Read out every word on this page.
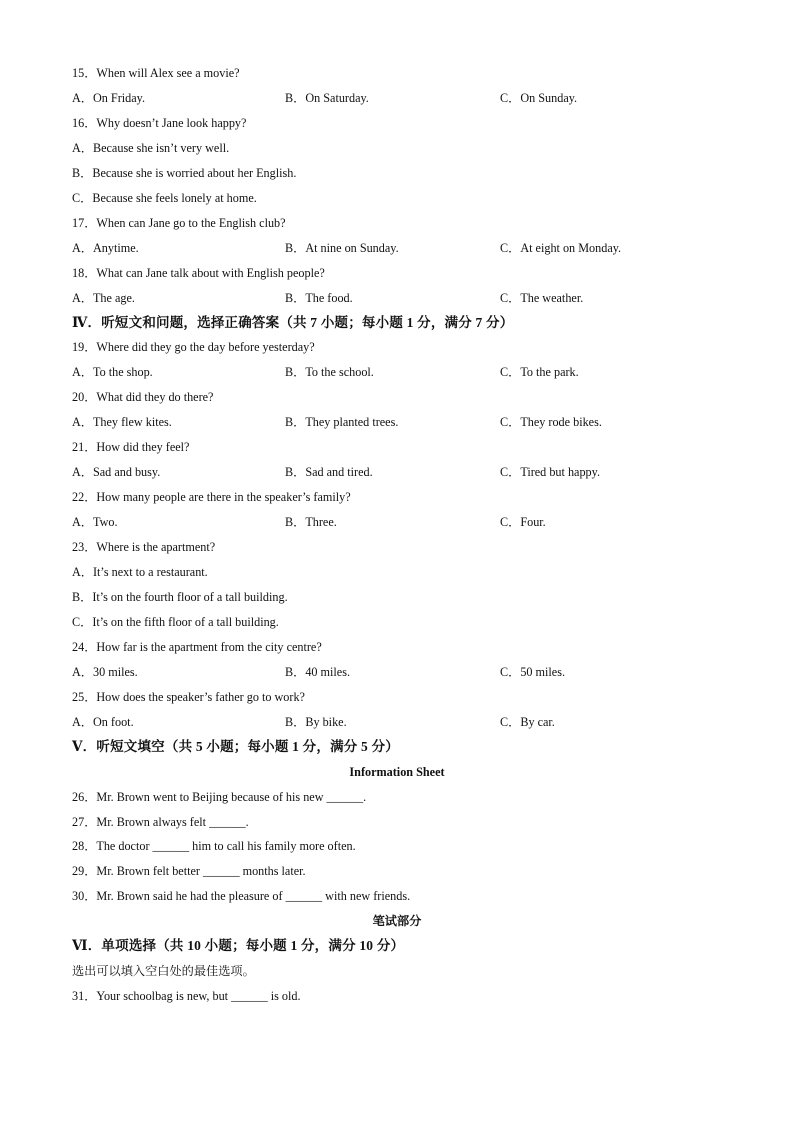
15．When will Alex see a movie?
A．On Friday.	B．On Saturday.	C．On Sunday.
16．Why doesn’t Jane look happy?
A．Because she isn’t very well.
B．Because she is worried about her English.
C．Because she feels lonely at home.
17．When can Jane go to the English club?
A．Anytime.	B．At nine on Sunday.	C．At eight on Monday.
18．What can Jane talk about with English people?
A．The age.	B．The food.	C．The weather.
Ⅳ．听短文和问题，选择正确答案（共 7 小题；每小题 1 分，满分 7 分）
19．Where did they go the day before yesterday?
A．To the shop.	B．To the school.	C．To the park.
20．What did they do there?
A．They flew kites.	B．They planted trees.	C．They rode bikes.
21．How did they feel?
A．Sad and busy.	B．Sad and tired.	C．Tired but happy.
22．How many people are there in the speaker’s family?
A．Two.	B．Three.	C．Four.
23．Where is the apartment?
A．It’s next to a restaurant.
B．It’s on the fourth floor of a tall building.
C．It’s on the fifth floor of a tall building.
24．How far is the apartment from the city centre?
A．30 miles.	B．40 miles.	C．50 miles.
25．How does the speaker’s father go to work?
A．On foot.	B．By bike.	C．By car.
Ⅴ．听短文填空（共 5 小题；每小题 1 分，满分 5 分）
Information Sheet
26．Mr. Brown went to Beijing because of his new ______.
27．Mr. Brown always felt ______.
28．The doctor ______ him to call his family more often.
29．Mr. Brown felt better ______ months later.
30．Mr. Brown said he had the pleasure of ______ with new friends.
笔试部分
Ⅵ．单项选择（共 10 小题；每小题 1 分，满分 10 分）
选出可以填入空白处的最佳选项。
31．Your schoolbag is new, but ______ is old.
